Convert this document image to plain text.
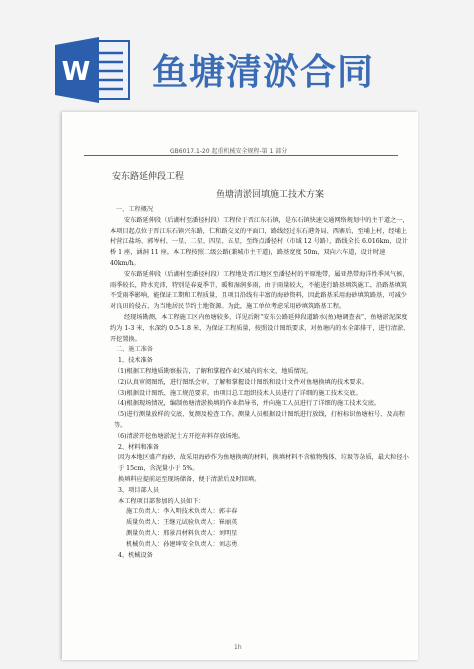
W 鱼塘清淤合同
GB6017.1-20 起重机械安全规程-第 1 部分
安东路延伸段工程
鱼塘清淤回填施工技术方案

一、工程概况

安东路延伸段（后湖村至潘径村段）工程位于晋江东石镇，是东石镇快速交通网络规划中的主干道之一，本项目起点位于晋江东石镇兴东路，仁和路交叉的平面口，路线经过东石港务局、西寨后、至埔上村，经埔上村营江盐场、郭岑村、一星、二星、四星、五星，至终点潘径村（市域 12 号路），路线全长 6.016km，设计桥 1 座，涵洞 11 座。本工程按照二级公路(兼城市主干道)，路基宽度 50m，双向六车道，设计时速 40km/h。

安东路延伸段（后湖村至潘径村段）工程地处晋江地区至潘径村的平原地带，属亚热带海洋性季风气候，雨季较长，降水充沛，特别是春夏季节，暖和湿润多雨，由于雨量较大，不能进行路基填筑施工，沿路基填筑不受雨季影响，能保证工期和工程质量，且项目沿线有丰富的海砂资料，因此路基采用海砂填筑路基，可减少对良田的侵占，为当地居民节约土地资源。为此，施工单位考虑采用砂填筑路基工程。

经现场勘测，本工程施工区内鱼塘较多，详见后附“安东公路延伸段道路水(鱼)塘调查表”，鱼塘淤泥深度约为 1-3 米，水深约 0.5-1.8 米，为保证工程质量，按照设计图纸要求，对鱼塘内的水全部排干，进行清淤、开挖置换。

二、施工准备

1、技术准备

（1)根据工程地质勘察报告，了解和掌握作业区域内的水文、地质情况。

（2)认真审阅图纸，进行图纸会审，了解和掌握设计图纸和设计文件对鱼塘换填的技术要求。

（3)根据设计图纸、施工规范要求，由项目总工组织技术人员进行了详细的施工技术交底。

（4)根据现场情况，编制鱼塘清淤换填的作业指导书，并向施工人员进行了详细的施工技术交底。

（5)进行测量放样的交底、复测及检查工作。测量人员根据设计图纸进行放线，打桩标识鱼塘桩号、及高程等。

（6)清淤开挖鱼塘淤泥土方开挖弃料存放场地。

2、材料和准备

因为本地区盛产海砂，故采用海砂作为鱼塘换填的材料，换填材料不含植物残体、垃圾等杂质，最大粒径小于 15cm，含泥量小于 5%。

换填料应提前运至现场储备，便于清淤后及时回填。

3、项目部人员

本工程项目部参加的人员如下：

施工负责人：李入明技术负责人：郭丰春

质量负责人：王继元试验负责人：崔丽英

测量负责人：邢景昌材料负责人：刘明星

机械负责人：孙建坤安全负责人：刘志勇

4、机械设备

1h
